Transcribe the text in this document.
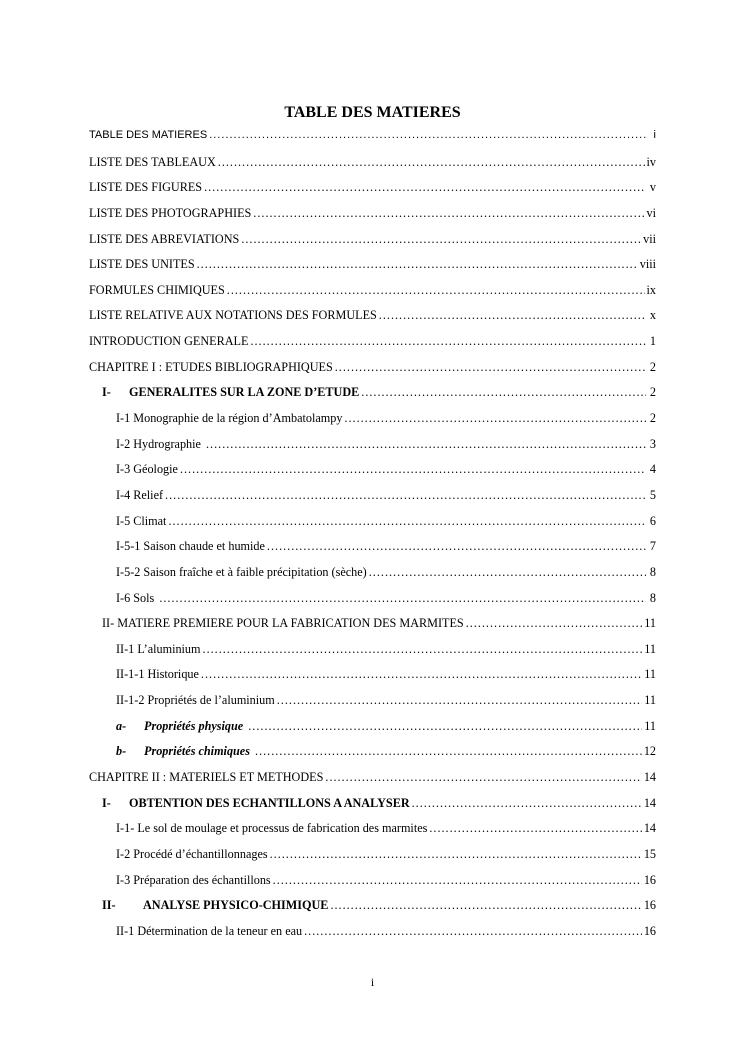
TABLE DES MATIERES
TABLE DES MATIERES .....	i
LISTE DES TABLEAUX .....	iv
LISTE DES FIGURES .....	v
LISTE DES PHOTOGRAPHIES .....	vi
LISTE DES ABREVIATIONS .....	vii
LISTE DES UNITES .....	viii
FORMULES CHIMIQUES .....	ix
LISTE RELATIVE AUX NOTATIONS DES FORMULES .....	x
INTRODUCTION GENERALE .....	1
CHAPITRE I : ETUDES BIBLIOGRAPHIQUES .....	2
I-	GENERALITES SUR LA ZONE D’ETUDE .....	2
I-1 Monographie de la région d’Ambatolampy .....	2
I-2 Hydrographie .....	3
I-3 Géologie .....	4
I-4 Relief .....	5
I-5 Climat .....	6
I-5-1 Saison chaude et humide .....	7
I-5-2 Saison fraîche et à faible précipitation (sèche) .....	8
I-6 Sols .....	8
II- MATIERE PREMIERE POUR LA FABRICATION DES MARMITES .....	11
II-1 L’aluminium .....	11
II-1-1 Historique .....	11
II-1-2 Propriétés de l’aluminium .....	11
a-	Propriétés physique .....	11
b-	Propriétés chimiques .....	12
CHAPITRE II : MATERIELS ET METHODES .....	14
I-	OBTENTION DES ECHANTILLONS A ANALYSER .....	14
I-1- Le sol de moulage et processus de fabrication des marmites .....	14
I-2 Procédé d’échantillonnages .....	15
I-3 Préparation des échantillons .....	16
II-	ANALYSE PHYSICO-CHIMIQUE .....	16
II-1 Détermination de la teneur en eau .....	16
i
